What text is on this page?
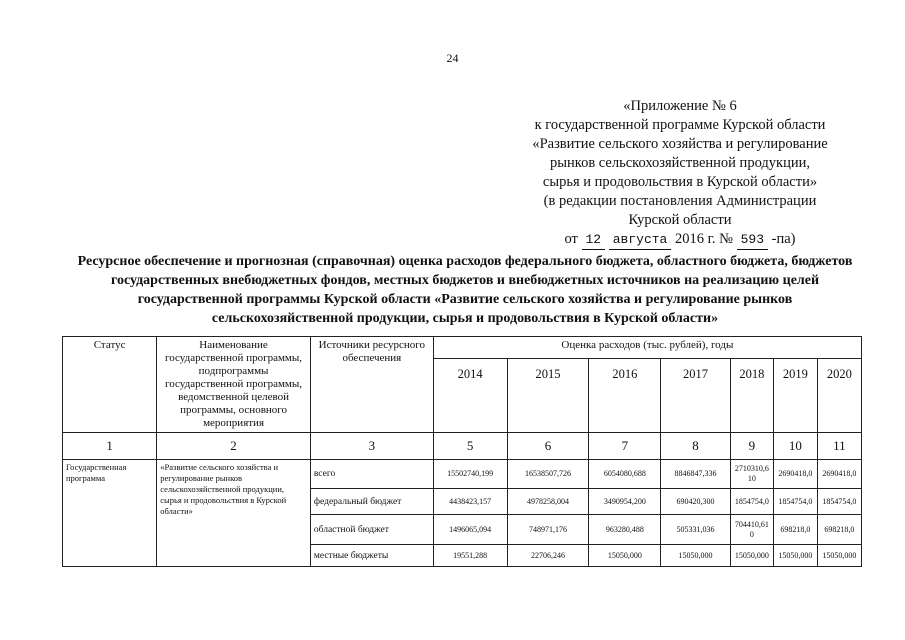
24
«Приложение № 6
к государственной программе Курской области
«Развитие сельского хозяйства и регулирование
рынков сельскохозяйственной продукции,
сырья и продовольствия в Курской области»
(в редакции постановления Администрации
Курской области
от 12 августа 2016 г. № 593 -па)
Ресурсное обеспечение и прогнозная (справочная) оценка расходов федерального бюджета, областного бюджета, бюджетов государственных внебюджетных фондов, местных бюджетов и внебюджетных источников на реализацию целей государственной программы Курской области «Развитие сельского хозяйства и регулирование рынков сельскохозяйственной продукции, сырья и продовольствия в Курской области»
Статус	Наименование государственной программы, подпрограммы государственной программы, ведомственной целевой программы, основного мероприятия	Источники ресурсного обеспечения	Оценка расходов (тыс. рублей), годы						
			2014	2015	2016	2017	2018	2019	2020
1	2	3	5	6	7	8	9	10	11
Государственная программа	«Развитие сельского хозяйства и регулирование рынков сельскохозяйственной продукции, сырья и продовольствия в Курской области»	всего	15502740,199	16538507,726	6054080,688	8846847,336	2710310,6 10	2690418,0	2690418,0
		федеральный бюджет	4438423,157	4978258,004	3490954,200	690420,300	1854754,0	1854754,0	1854754,0
		областной бюджет	1496065,094	748971,176	963280,488	505331,036	704410,61 0	698218,0	698218,0
		местные бюджеты	19551,288	22706,246	15050,000	15050,000	15050,000	15050,000	15050,000
